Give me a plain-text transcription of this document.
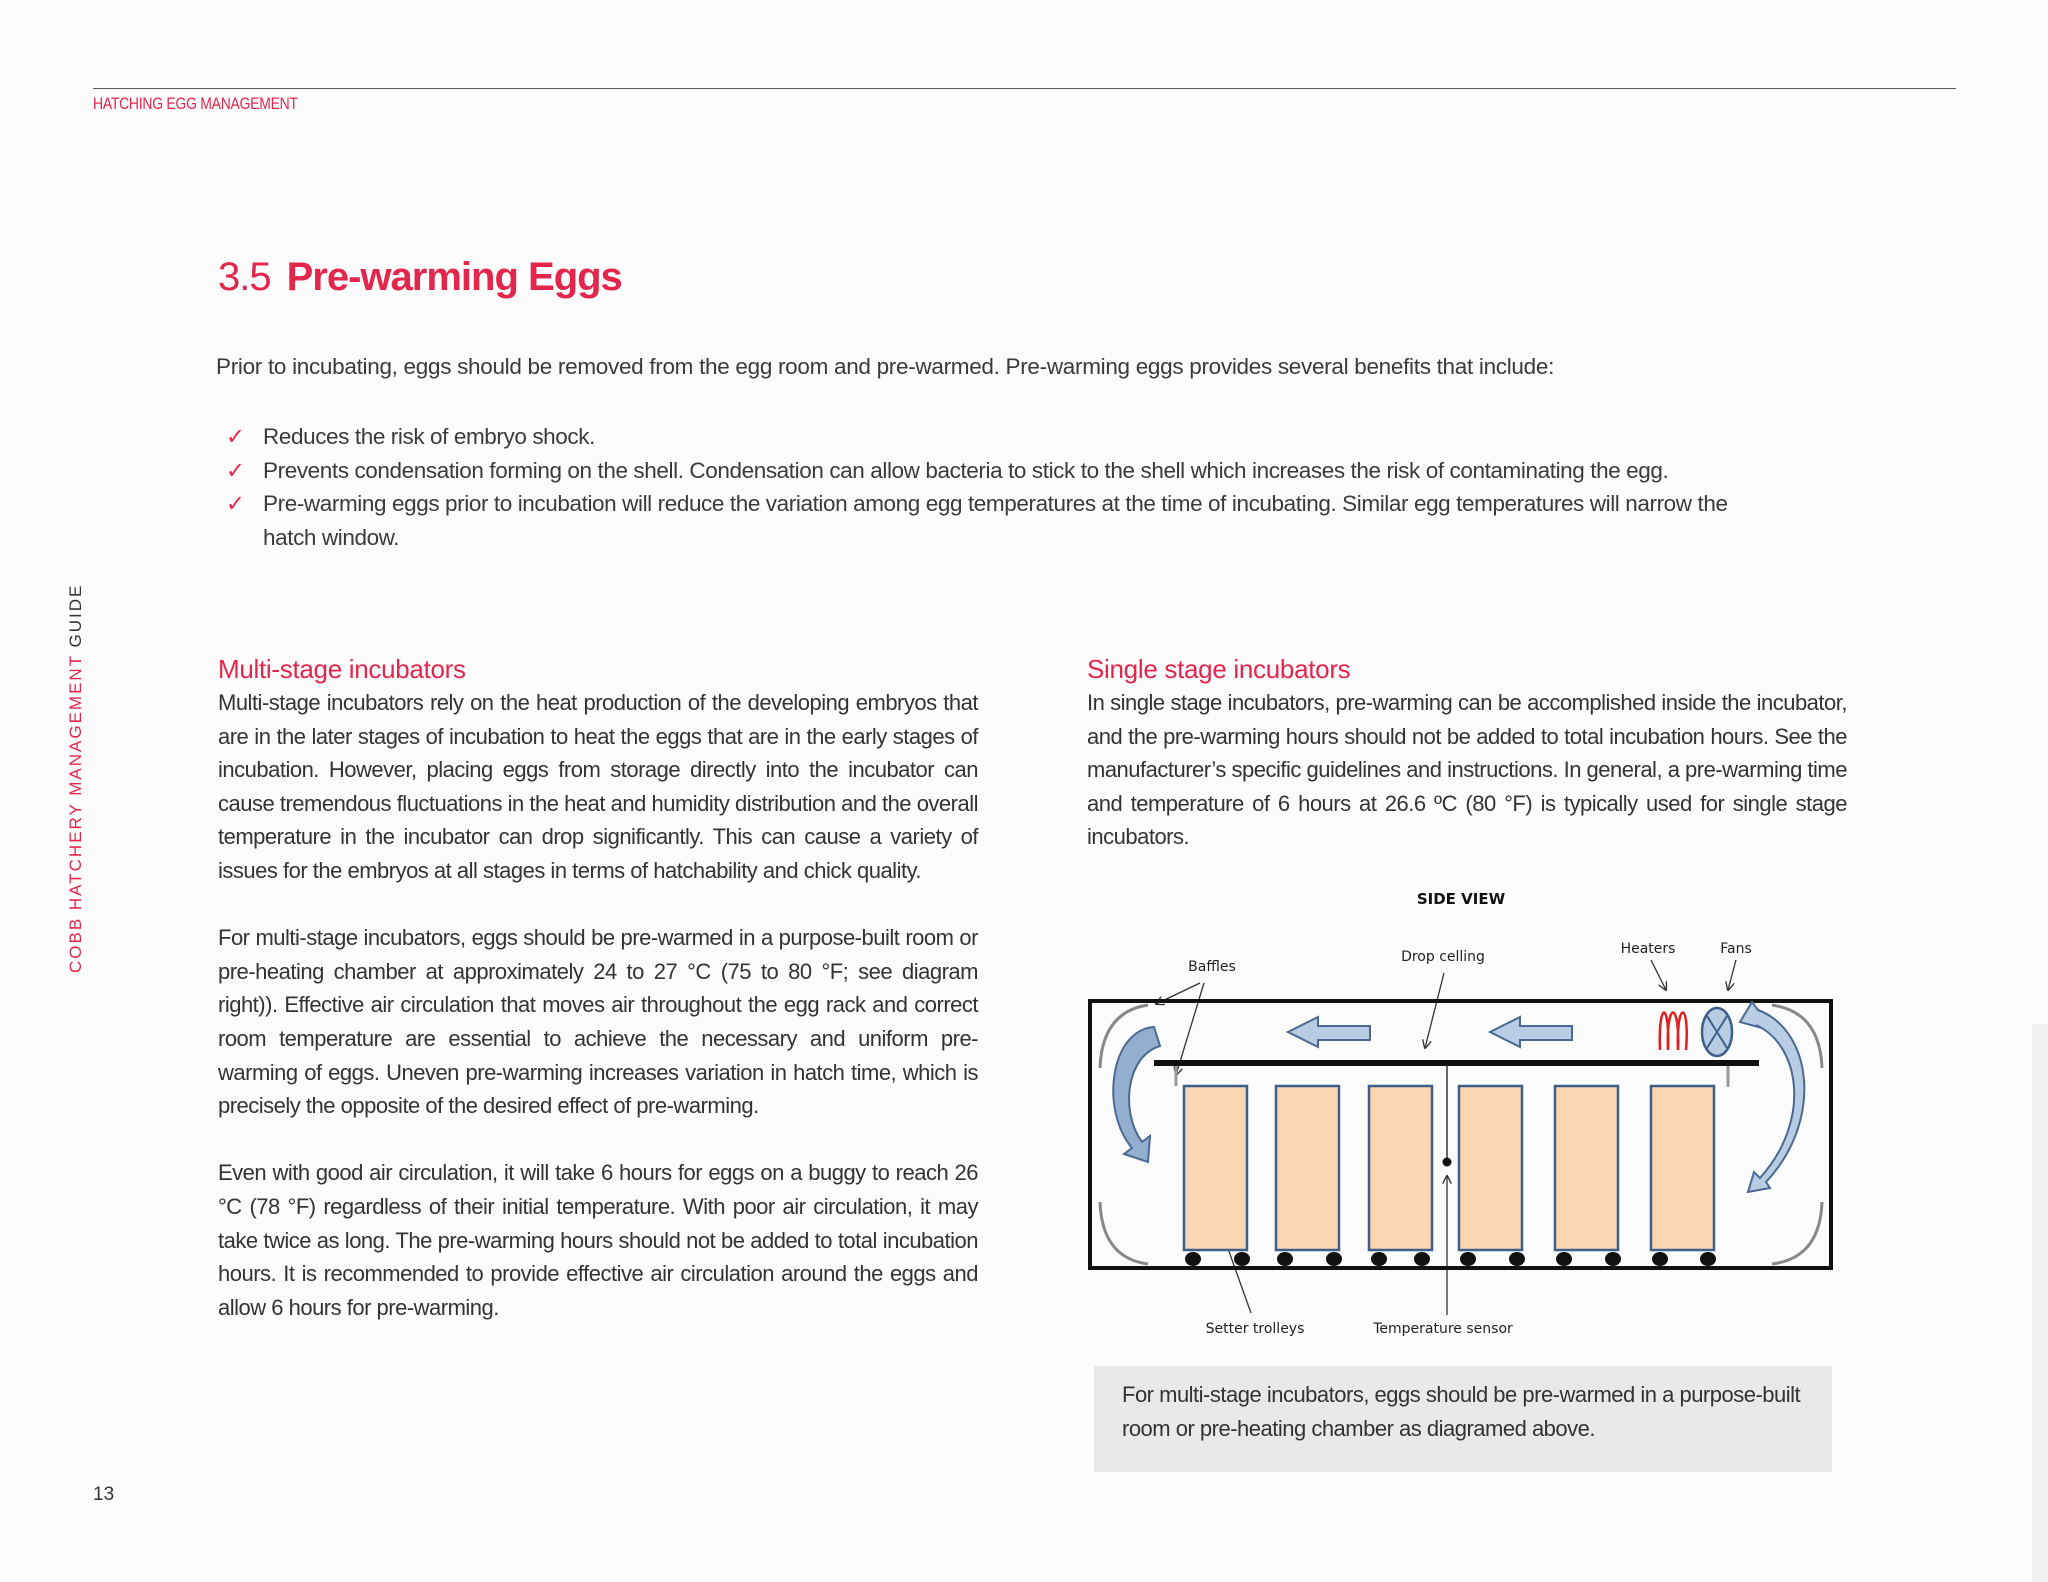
HATCHING EGG MANAGEMENT
COBB HATCHERY MANAGEMENT GUIDE
13
3.5 Pre-warming Eggs
Prior to incubating, eggs should be removed from the egg room and pre-warmed. Pre-warming eggs provides several benefits that include:
✓ Reduces the risk of embryo shock.
✓ Prevents condensation forming on the shell. Condensation can allow bacteria to stick to the shell which increases the risk of contaminating the egg.
✓ Pre-warming eggs prior to incubation will reduce the variation among egg temperatures at the time of incubating. Similar egg temperatures will narrow the hatch window.
Multi-stage incubators

Multi-stage incubators rely on the heat production of the developing embryos that are in the later stages of incubation to heat the eggs that are in the early stages of incubation. However, placing eggs from storage directly into the incubator can cause tremendous fluctuations in the heat and humidity distribution and the overall temperature in the incubator can drop significantly. This can cause a variety of issues for the embryos at all stages in terms of hatchability and chick quality.

For multi-stage incubators, eggs should be pre-warmed in a purpose-built room or pre-heating chamber at approximately 24 to 27 °C (75 to 80 °F; see diagram right)). Effective air circulation that moves air throughout the egg rack and correct room temperature are essential to achieve the necessary and uniform pre-warming of eggs. Uneven pre-warming increases variation in hatch time, which is precisely the opposite of the desired effect of pre-warming.

Even with good air circulation, it will take 6 hours for eggs on a buggy to reach 26 °C (78 °F) regardless of their initial temperature. With poor air circulation, it may take twice as long. The pre-warming hours should not be added to total incubation hours. It is recommended to provide effective air circulation around the eggs and allow 6 hours for pre-warming.

Single stage incubators

In single stage incubators, pre-warming can be accomplished inside the incubator, and the pre-warming hours should not be added to total incubation hours. See the manufacturer’s specific guidelines and instructions. In general, a pre-warming time and temperature of 6 hours at 26.6 ºC (80 °F) is typically used for single stage incubators.

SIDE VIEW
Heaters	Fans
Drop celling
Baffles
Setter trolleys	Temperature sensor

For multi-stage incubators, eggs should be pre-warmed in a purpose-built room or pre-heating chamber as diagramed above.
